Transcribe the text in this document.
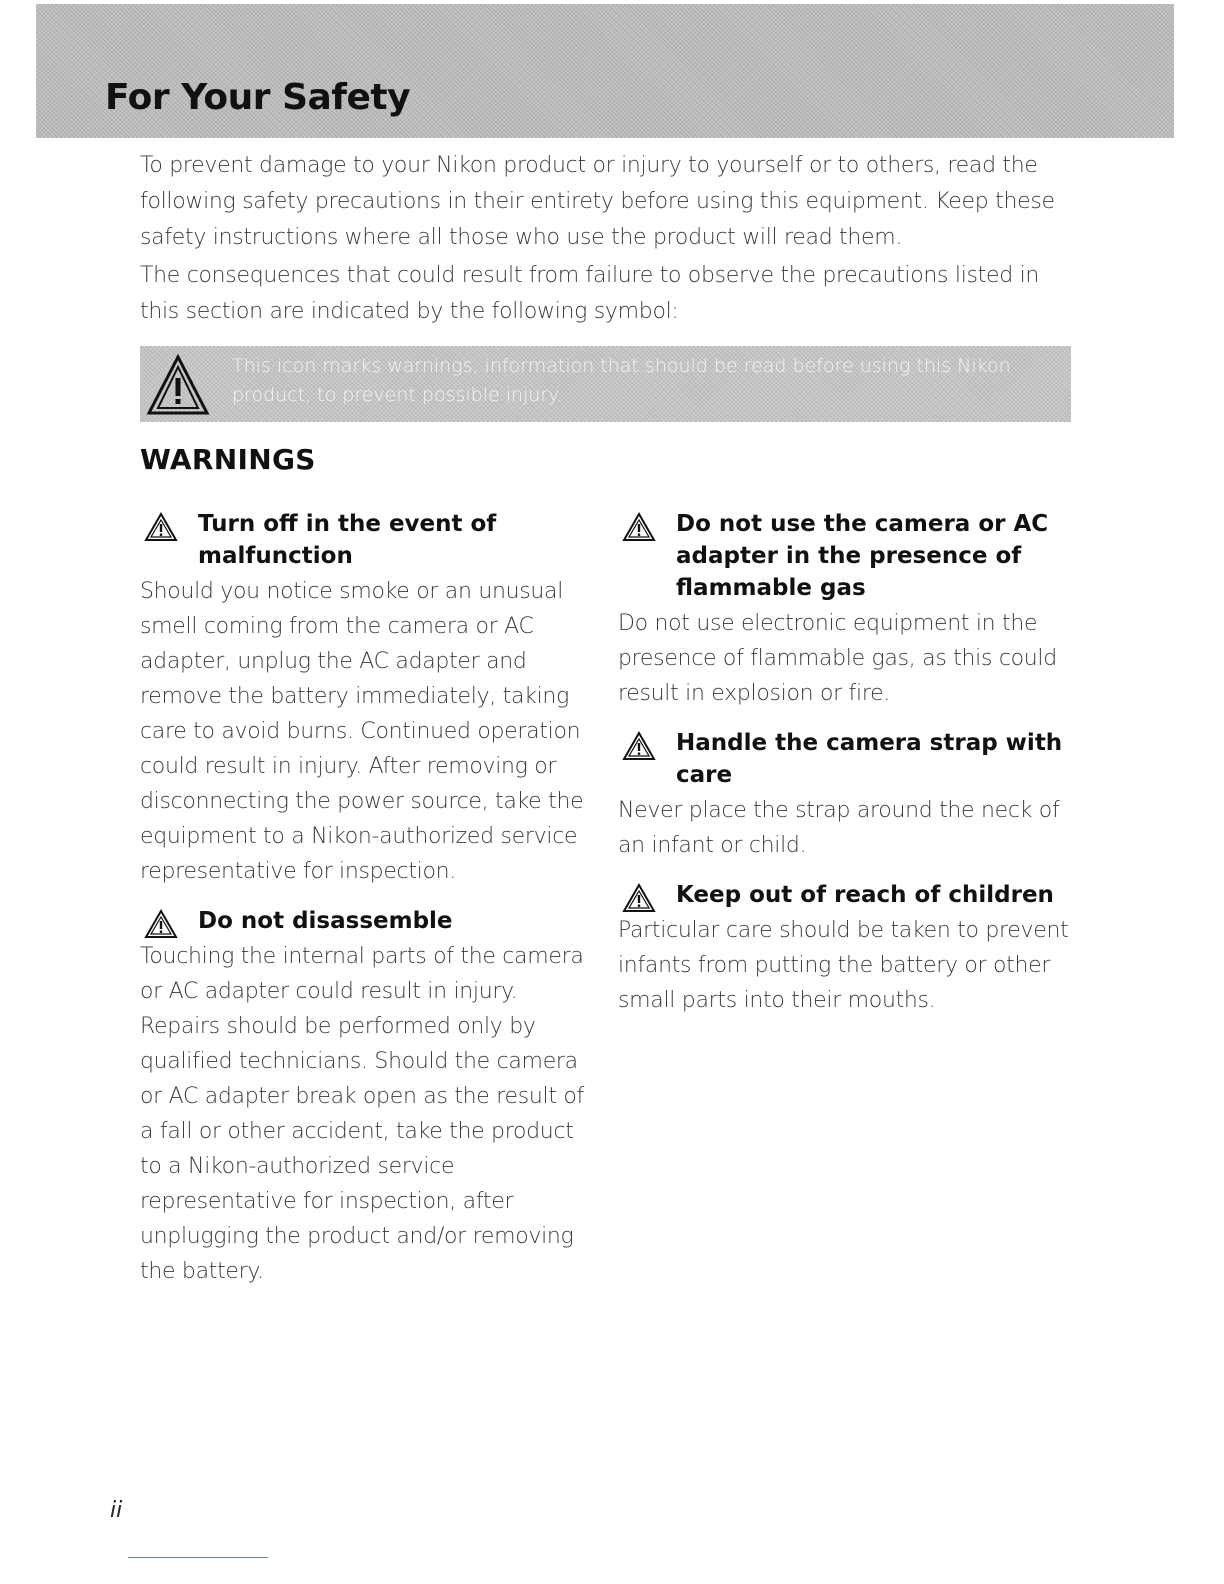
For Your Safety

To prevent damage to your Nikon product or injury to yourself or to others, read the following safety precautions in their entirety before using this equipment. Keep these safety instructions where all those who use the product will read them.

The consequences that could result from failure to observe the precautions listed in this section are indicated by the following symbol:

This icon marks warnings, information that should be read before using this Nikon product, to prevent possible injury.

WARNINGS
Turn off in the event of malfunction

Should you notice smoke or an unusual smell coming from the camera or AC adapter, unplug the AC adapter and remove the battery immediately, taking care to avoid burns. Continued operation could result in injury. After removing or disconnecting the power source, take the equipment to a Nikon-authorized service representative for inspection.

Do not disassemble

Touching the internal parts of the camera or AC adapter could result in injury. Repairs should be performed only by qualified technicians. Should the camera or AC adapter break open as the result of a fall or other accident, take the product to a Nikon-authorized service representative for inspection, after unplugging the product and/or removing the battery.

Do not use the camera or AC adapter in the presence of flammable gas

Do not use electronic equipment in the presence of flammable gas, as this could result in explosion or fire.

Handle the camera strap with care

Never place the strap around the neck of an infant or child.

Keep out of reach of children

Particular care should be taken to prevent infants from putting the battery or other small parts into their mouths.

ii
